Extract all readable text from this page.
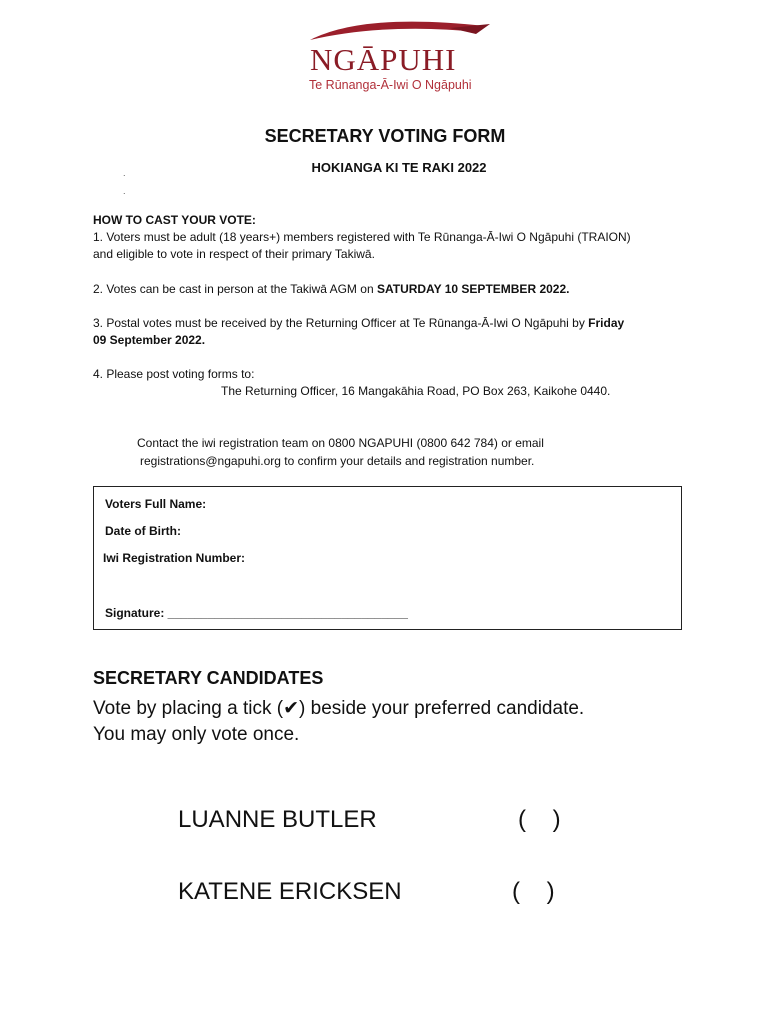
NGĀPUHI
Te Rūnanga-Ā-Iwi O Ngāpuhi
SECRETARY VOTING FORM
HOKIANGA KI TE RAKI 2022
.
.
HOW TO CAST YOUR VOTE:
1. Voters must be adult (18 years+) members registered with Te Rūnanga-Ā-Iwi O Ngāpuhi (TRAION)
and eligible to vote in respect of their primary Takiwā.
2. Votes can be cast in person at the Takiwā AGM on SATURDAY 10 SEPTEMBER 2022.
3. Postal votes must be received by the Returning Officer at Te Rūnanga-Ā-Iwi O Ngāpuhi by Friday
09 September 2022.
4. Please post voting forms to:
The Returning Officer, 16 Mangakāhia Road, PO Box 263, Kaikohe 0440.
Contact the iwi registration team on 0800 NGAPUHI (0800 642 784) or email
registrations@ngapuhi.org to confirm your details and registration number.
Voters Full Name:
Date of Birth:
Iwi Registration Number:
Signature: ____________________________________
SECRETARY CANDIDATES
Vote by placing a tick (✔) beside your preferred candidate.
You may only vote once.
LUANNE BUTLER	(    )
KATENE ERICKSEN	(    )
